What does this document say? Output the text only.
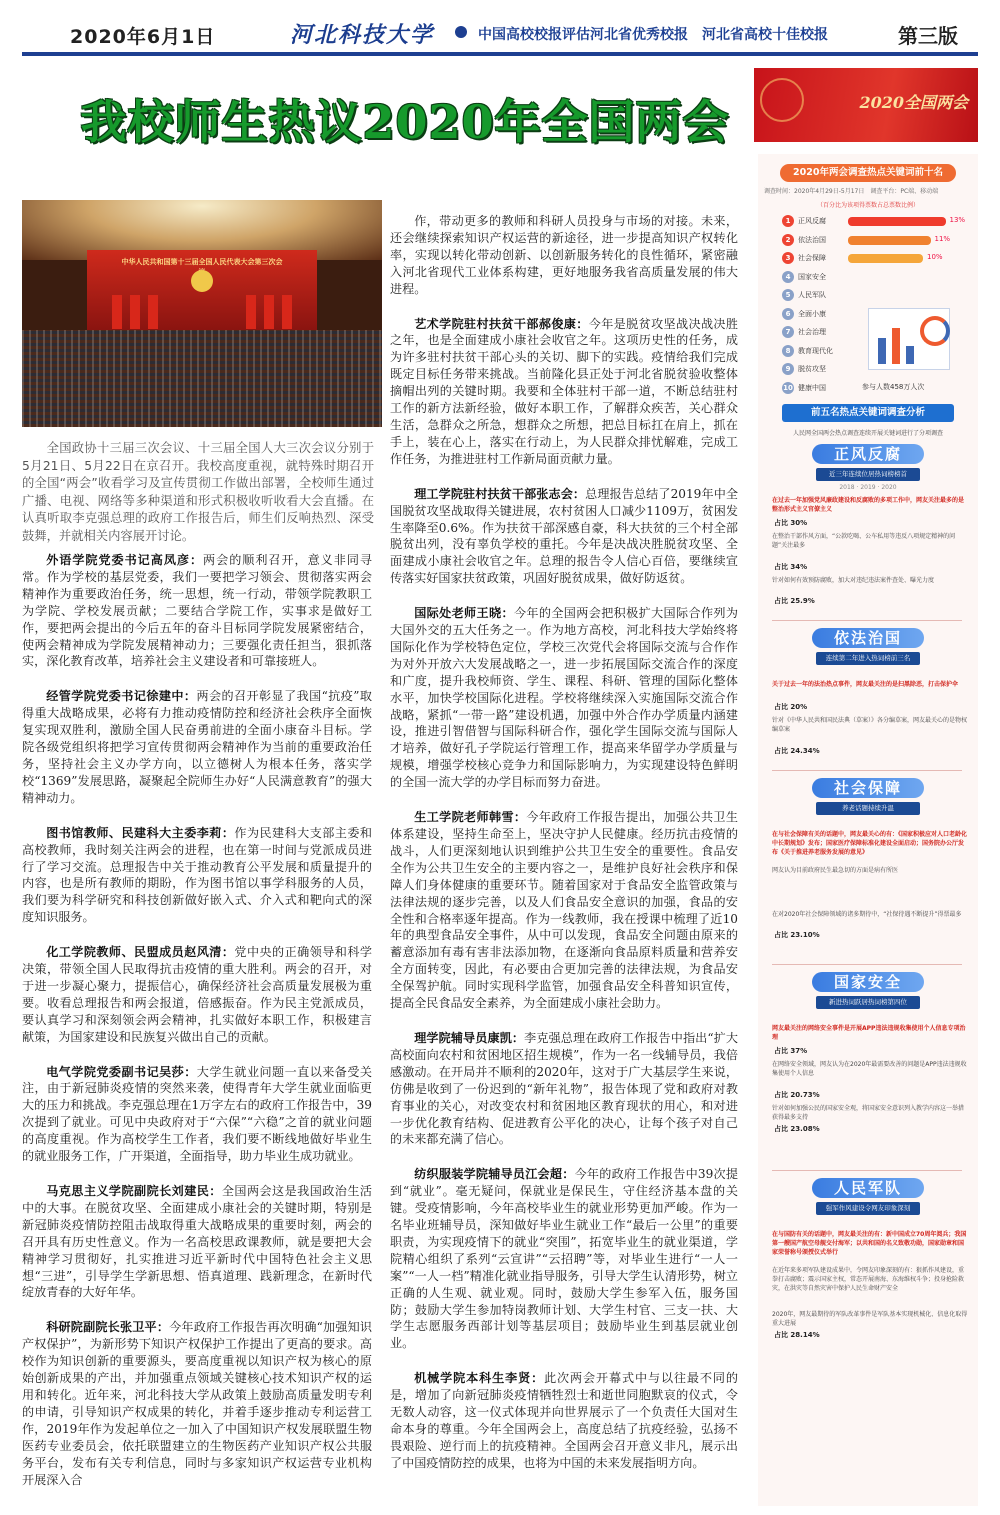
2020年6月1日	河北科技大学	中国高校校报评估河北省优秀校报　河北省高校十佳校报	第三版
我校师生热议2020年全国两会
中华人民共和国第十三届全国人民代表大会第三次会
全国政协十三届三次会议、十三届全国人大三次会议分别于5月21日、5月22日在京召开。我校高度重视，就特殊时期召开的全国“两会”收看学习及宣传贯彻工作做出部署，全校师生通过广播、电视、网络等多种渠道和形式积极收听收看大会直播。在认真听取李克强总理的政府工作报告后，师生们反响热烈、深受鼓舞，并就相关内容展开讨论。

外语学院党委书记高凤彦：两会的顺利召开，意义非同寻常。作为学校的基层党委，我们一要把学习领会、贯彻落实两会精神作为重要政治任务，统一思想，统一行动，带领学院教职工为学院、学校发展贡献；二要结合学院工作，实事求是做好工作，要把两会提出的今后五年的奋斗目标同学院发展紧密结合，使两会精神成为学院发展精神动力；三要强化责任担当，狠抓落实，深化教育改革，培养社会主义建设者和可靠接班人。

经管学院党委书记徐建中：两会的召开彰显了我国“抗疫”取得重大战略成果，必将有力推动疫情防控和经济社会秩序全面恢复实现双胜利，激励全国人民奋勇前进的全面小康奋斗目标。学院各级党组织将把学习宣传贯彻两会精神作为当前的重要政治任务，坚持社会主义办学方向，以立德树人为根本任务，落实学校“1369”发展思路，凝聚起全院师生办好“人民满意教育”的强大精神动力。

图书馆教师、民建科大主委李莉：作为民建科大支部主委和高校教师，我时刻关注两会的进程，也在第一时间与党派成员进行了学习交流。总理报告中关于推动教育公平发展和质量提升的内容，也是所有教师的期盼，作为图书馆以事学科服务的人员，我们要为科学研究和科技创新做好嵌入式、介入式和靶向式的深度知识服务。

化工学院教师、民盟成员赵风清：党中央的正确领导和科学决策，带领全国人民取得抗击疫情的重大胜利。两会的召开，对于进一步凝心聚力，提振信心，确保经济社会高质量发展极为重要。收看总理报告和两会报道，倍感振奋。作为民主党派成员，要认真学习和深刻领会两会精神，扎实做好本职工作，积极建言献策，为国家建设和民族复兴做出自己的贡献。

电气学院党委副书记吴莎：大学生就业问题一直以来备受关注，由于新冠肺炎疫情的突然来袭，使得青年大学生就业面临更大的压力和挑战。李克强总理在1万字左右的政府工作报告中，39次提到了就业。可见中央政府对于“六保”“六稳”之首的就业问题的高度重视。作为高校学生工作者，我们要不断线地做好毕业生的就业服务工作，广开渠道，全面指导，助力毕业生成功就业。

马克思主义学院副院长刘建民：全国两会这是我国政治生活中的大事。在脱贫攻坚、全面建成小康社会的关键时期，特别是新冠肺炎疫情防控阻击战取得重大战略成果的重要时刻，两会的召开具有历史性意义。作为一名高校思政课教师，就是要把大会精神学习贯彻好，扎实推进习近平新时代中国特色社会主义思想“三进”，引导学生学新思想、悟真道理、践新理念，在新时代绽放青春的大好年华。

科研院副院长张卫平：今年政府工作报告再次明确“加强知识产权保护”，为新形势下知识产权保护工作提出了更高的要求。高校作为知识创新的重要源头，要高度重视以知识产权为核心的原始创新成果的产出，并加强重点领域关键核心技术知识产权的运用和转化。近年来，河北科技大学从政策上鼓励高质量发明专利的申请，引导知识产权成果的转化，并着手逐步推动专利运营工作，2019年作为发起单位之一加入了中国知识产权发展联盟生物医药专业委员会，依托联盟建立的生物医药产业知识产权公共服务平台，发布有关专利信息，同时与多家知识产权运营专业机构开展深入合

作，带动更多的教师和科研人员投身与市场的对接。未来，还会继续探索知识产权运营的新途径，进一步提高知识产权转化率，实现以转化带动创新、以创新服务转化的良性循环，紧密融入河北省现代工业体系构建，更好地服务我省高质量发展的伟大进程。

艺术学院驻村扶贫干部郝俊康：今年是脱贫攻坚战决战决胜之年，也是全面建成小康社会收官之年。这项历史性的任务，成为许多驻村扶贫干部心头的关切、脚下的实践。疫情给我们完成既定目标任务带来挑战。当前隆化县正处于河北省脱贫验收整体摘帽出列的关键时期。我要和全体驻村干部一道，不断总结驻村工作的新方法新经验，做好本职工作，了解群众疾苦，关心群众生活，急群众之所急，想群众之所想，把总目标扛在肩上，抓在手上，装在心上，落实在行动上，为人民群众排忧解难，完成工作任务，为推进驻村工作新局面贡献力量。

理工学院驻村扶贫干部张志会：总理报告总结了2019年中全国脱贫攻坚战取得关键进展，农村贫困人口减少1109万，贫困发生率降至0.6%。作为扶贫干部深感自豪，科大扶贫的三个村全部脱贫出列，没有辜负学校的重托。今年是决战决胜脱贫攻坚、全面建成小康社会收官之年。总理的报告令人信心百倍，要继续宣传落实好国家扶贫政策，巩固好脱贫成果，做好防返贫。

国际处老师王晓：今年的全国两会把积极扩大国际合作列为大国外交的五大任务之一。作为地方高校，河北科技大学始终将国际化作为学校特色定位，学校三次党代会将国际交流与合作作为对外开放六大发展战略之一，进一步拓展国际交流合作的深度和广度，提升我校师资、学生、课程、科研、管理的国际化整体水平，加快学校国际化进程。学校将继续深入实施国际交流合作战略，紧抓“一带一路”建设机遇，加强中外合作办学质量内涵建设，推进引智借智与国际科研合作，强化学生国际交流与国际人才培养，做好孔子学院运行管理工作，提高来华留学办学质量与规模，增强学校核心竞争力和国际影响力，为实现建设特色鲜明的全国一流大学的办学目标而努力奋进。

生工学院老师韩雪：今年政府工作报告提出，加强公共卫生体系建设，坚持生命至上，坚决守护人民健康。经历抗击疫情的战斗，人们更深刻地认识到维护公共卫生安全的重要性。食品安全作为公共卫生安全的主要内容之一，是维护良好社会秩序和保障人们身体健康的重要环节。随着国家对于食品安全监管政策与法律法规的逐步完善，以及人们食品安全意识的加强，食品的安全性和合格率逐年提高。作为一线教师，我在授课中梳理了近10年的典型食品安全事件，从中可以发现，食品安全问题由原来的蓄意添加有毒有害非法添加物，在逐渐向食品原料质量和营养安全方面转变，因此，有必要由合更加完善的法律法规，为食品安全保驾护航。同时实现科学监管，加强食品安全科普知识宣传，提高全民食品安全素养，为全面建成小康社会助力。

理学院辅导员康凯：李克强总理在政府工作报告中指出“扩大高校面向农村和贫困地区招生规模”，作为一名一线辅导员，我倍感激动。在开局并不顺利的2020年，这对于广大基层学生来说，仿佛是收到了一份迟到的“新年礼物”，报告体现了党和政府对教育事业的关心，对改变农村和贫困地区教育现状的用心，和对进一步优化教育结构、促进教育公平化的决心，让每个孩子对自己的未来都充满了信心。

纺织服装学院辅导员江会超：今年的政府工作报告中39次提到“就业”。毫无疑问，保就业是保民生，守住经济基本盘的关键。受疫情影响，今年高校毕业生的就业形势更加严峻。作为一名毕业班辅导员，深知做好毕业生就业工作“最后一公里”的重要职责，为实现疫情下的就业“突围”，拓宽毕业生的就业渠道，学院精心组织了系列“云宣讲”“云招聘”等，对毕业生进行“一人一案”“一人一档”精准化就业指导服务，引导大学生认清形势，树立正确的人生观、就业观。同时，鼓励大学生参军入伍，服务国防；鼓励大学生参加特岗教师计划、大学生村官、三支一扶、大学生志愿服务西部计划等基层项目；鼓励毕业生到基层就业创业。

机械学院本科生李贤：此次两会开幕式中与以往最不同的是，增加了向新冠肺炎疫情牺牲烈士和逝世同胞默哀的仪式，令无数人动容，这一仪式体现并向世界展示了一个负责任大国对生命本身的尊重。今年全国两会上，高度总结了抗疫经验，弘扬不畏艰险、逆行而上的抗疫精神。全国两会召开意义非凡，展示出了中国疫情防控的成果，也将为中国的未来发展指明方向。

2020全国两会
2020年两会调查热点关键词前十名
调查时间：2020年4月29日-5月17日　调查平台：PC端、移动端
（百分比为该项得票数占总票数比例）
1	正风反腐	13%
2	依法治国	11%
3	社会保障	10%
4	国家安全
5	人民军队
6	全面小康
7	社会治理
8	教育现代化
9	脱贫攻坚
10 健康中国	参与人数458万人次
前五名热点关键词调查分析
人民网全国两会热点调查连续开展关键词进行了分项调查
正风反腐
近三年连续位居热词榜榜首
2018 · 2019 · 2020
在过去一年加强党风廉政建设和反腐败的多项工作中，网友关注最多的是整治形式主义官僚主义
占比 30%
在整治干部作风方面，“公款吃喝、公车私用等违反八项规定精神的问题”关注最多
占比 34%
针对如何有效预防腐败，加大对违纪违法案件查处、曝光力度
占比 25.9%
依法治国
连续第二年进入热词榜前三名
关于过去一年的法治热点事件，网友最关注的是扫黑除恶，打击保护伞
占比 20%
针对《中华人民共和国民法典（草案）》各分编草案，网友最关心的是物权编草案
占比 24.34%
社会保障
养老话题持续升温
在与社会保障有关的话题中，网友最关心的有：《国家积极应对人口老龄化中长期规划》发布；国家医疗保障标准化建设全面启动；国务院办公厅发布《关于推进养老服务发展的意见》
网友认为目前政府民生最急切的方面是病有所医
在对2020年社会保障领域的诸多期待中，“社保待遇不断提升”得票最多
占比 23.10%
国家安全
新进热词跃居热词榜第四位
网友最关注的网络安全事件是开展APP违法违规收集使用个人信息专项治理
占比 37%
在网络安全领域，网友认为在2020年最需要改善的问题是APP违法违规收集使用个人信息
占比 20.73%
针对如何加强公民的国家安全观，将国家安全意识列入教学内容这一举措获得最多支持
占比 23.08%
人民军队
强军作风建设令网友印象深刻
在与国防有关的话题中，网友最关注的有：新中国成立70周年阅兵；我国第一艘国产航空母舰交付海军；以共和国的名义致敬功勋，国家勋章和国家荣誉称号颁授仪式举行
在近年来多项军队建设成果中，令网友印象深刻的有：狠抓作风建设，重拳打击腐败；震示国家主权，常态开展南海、东海维权斗争；投身抢险救灾，在洪灾等自然灾害中保护人民生命财产安全
2020年，网友最期待的军队改革事件是军队基本实现机械化、信息化取得重大进展
占比 28.14%
